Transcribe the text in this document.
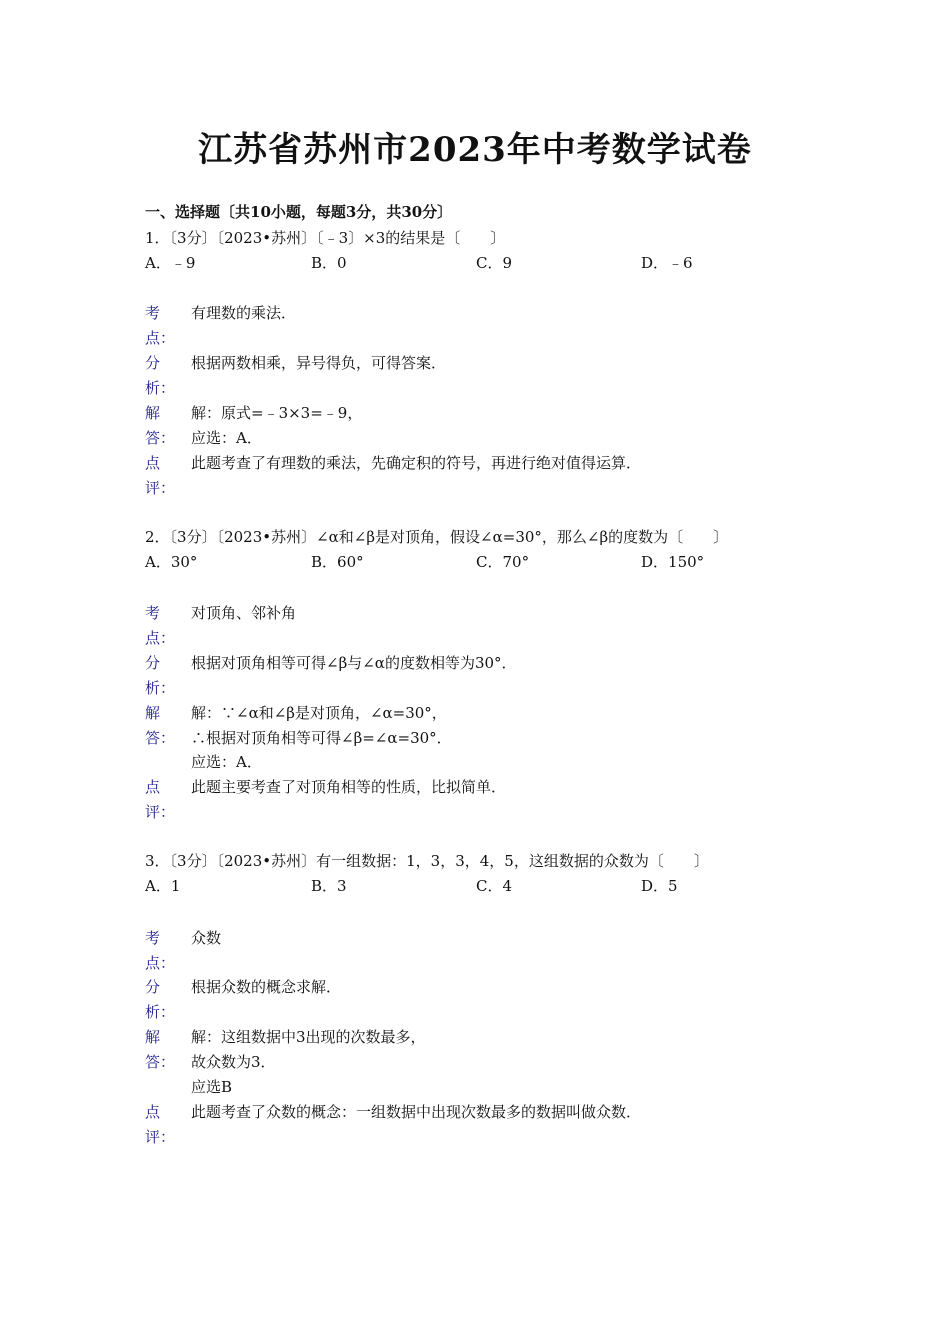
江苏省苏州市2023年中考数学试卷
一、选择题〔共10小题，每题3分，共30分〕
1．〔3分〕〔2023•苏州〕〔﹣3〕×3的结果是〔　　〕
A．﹣9	B．0	C．9	D．﹣6
考
点：
有理数的乘法．
分
析：
根据两数相乘，异号得负，可得答案．
解
答：
解：原式=﹣3×3=﹣9，
应选：A．
点
评：
此题考查了有理数的乘法，先确定积的符号，再进行绝对值得运算．
2．〔3分〕〔2023•苏州〕∠α和∠β是对顶角，假设∠α=30°，那么∠β的度数为〔　　〕
A．30°	B．60°	C．70°	D．150°
考
点：
对顶角、邻补角
分
析：
根据对顶角相等可得∠β与∠α的度数相等为30°．
解
答：
解：∵∠α和∠β是对顶角，∠α=30°，
∴根据对顶角相等可得∠β=∠α=30°．
应选：A．
点
评：
此题主要考查了对顶角相等的性质，比拟简单．
3．〔3分〕〔2023•苏州〕有一组数据：1，3，3，4，5，这组数据的众数为〔　　〕
A．1	B．3	C．4	D．5
考
点：
众数
分
析：
根据众数的概念求解．
解
答：
解：这组数据中3出现的次数最多，
故众数为3．
应选B
点
评：
此题考查了众数的概念：一组数据中出现次数最多的数据叫做众数．
